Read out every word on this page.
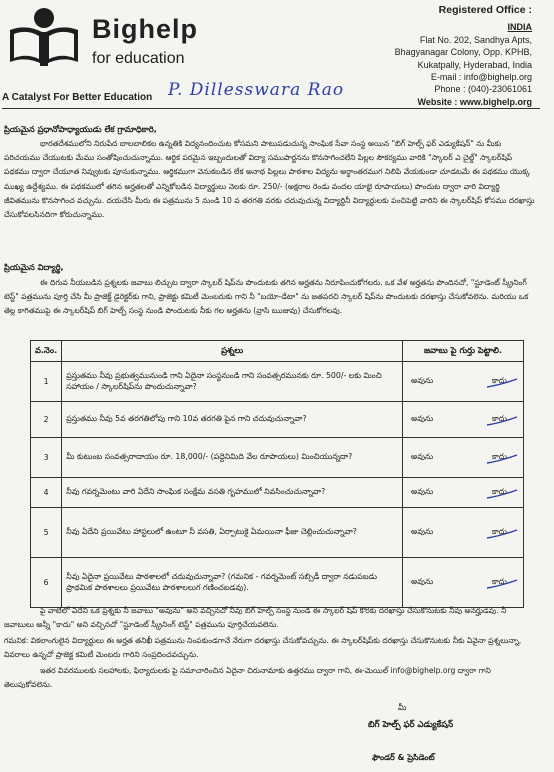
Bighelp
for education
A Catalyst For Better Education P. Dillesswara Rao
Registered Office :
INDIA
Flat No. 202, Sandhya Apts,
Bhagyanagar Colony, Opp. KPHB,
Kukatpally, Hyderabad, India
E-mail : info@bighelp.org
Phone : (040)-23061061
Website : www.bighelp.org
ప్రియమైన ప్రధానోపాధ్యాయుడు లేక గ్రామాధికారి,
భారతదేశములోని నిరుపేద బాలబాలికల ఉన్నతికి విద్యనందించుట కోసమని పాటుపడుచున్న సాంఘిక సేవా సంస్థ అయిన "బిగ్ హెల్ప్ ఫర్ ఎడ్యుకేషన్" ను మీకు పరిచయము చేయుటకు మేము సంతోషించుచున్నాము. ఆర్థిక పరమైన ఇబ్బందులతో విద్యా సముపార్జనను కొనసాగించలేని పిల్లల సౌకర్యము వారికి "స్కాలర్ ఎ చైల్డ్" స్కాలర్‌షిప్ పథకము ద్వారా చేయూత నివ్వుటకు పూనుకున్నాము. ఆర్థికముగా వెనుకబడిన లేక అనాథ పిల్లలు పాఠశాల విద్యను అర్థాంతరముగ నిలిపి వేయకుండా చూడటమే ఈ పథకము యొక్క ముఖ్య ఉద్దేశ్యము. ఈ పథకములో తగిన అర్హతలతో ఎన్నికోబడిన విద్యార్థులు నెలకు రూ. 250/- (అక్షరాల రెండు వందల యాభై రూపాయలు) పొందుట ద్వారా వారి విద్యార్థి జీవితమును కొనసాగించ వచ్చును. దయచేసి మీరు ఈ పత్రమును 5 నుండి 10 వ తరగతి వరకు చదువుచున్న విద్యార్థినీ విద్యార్థులకు పంచిపెట్టి వారిని ఈ స్కాలర్‌షిప్ కోసము దరఖాస్తు చేసుకోవలసినదిగా కోరుచున్నాము.
ప్రియమైన విద్యార్థి,
ఈ దిగువ నీయబడిన ప్రశ్నలకు జవాబు లిచ్చుట ద్వారా స్కాలర్ షిప్‌ను పొందుటకు తగిన అర్హతను నిరూపించుకోగలరు. ఒక వేళ అర్హతను పొందినచో, "స్టూడెంట్ స్క్రీనింగ్ టెస్ట్" పత్రమును పూర్తి చేసి మీ ప్రాజెక్ట్ డైరెక్టర్‌కు గాని, ప్రాజెక్టు కమిటీ మెంబరుకు గాని నీ "బయో-డేటా" ను జతపరచి స్కాలర్ షిప్‌ను పొందుటకు దరఖాస్తు చేసుకోవలెను. మరియు ఒక తెల్ల కాగితముపై ఈ స్కాలర్‌షిప్ బిగ్ హెల్ప్ సంస్థ నుండి పొందుటకు నీకు గల అర్హతను (వ్రాసి ఋజువు) చేసుకోగలవు.
వ.నెం.	ప్రశ్నలు	జవాబు పై గుర్తు పెట్టాలి.
1	ప్రస్తుతము నీవు ప్రభుత్వమునుండి గాని ఏదైనా సంస్థనుండి గాని సంవత్సరమునకు రూ. 500/- లకు మించి సహాయం / స్కాలర్‌షిప్‌ను పొందుచున్నావా?	అవును కాదు

2	ప్రస్తుతము నీవు 5వ తరగతిలోపు గాని 10వ తరగతి పైన గాని చదువుచున్నావా?	అవును కాదు

3	మీ కుటుంబ సంవత్సరాదాయం రూ. 18,000/- (పద్దెనిమిది వేల రూపాయలు) మించియున్నదా?	అవును కాదు

4	నీవు గవర్నమెంటు వారి ఏదేని సాంఘిక సంక్షేమ వసతి గృహములో నివసించుచున్నావా?	అవును కాదు

5	నీవు ఏదేని ప్రయివేటు హాస్టలులో ఉంటూ నీ వసతి, ఏర్పాటుకై ఏమయినా ఫీజు చెల్లించుచున్నావా?	అవును కాదు

6	నీవు ఏదైనా ప్రయివేటు పాఠశాలలో చదువుచున్నావా? (గమనిక - గవర్నమెంట్ సబ్సిడీ ద్వారా నడుపబడు ప్రాథమిక పాఠశాలలు ప్రయివేటు పాఠశాలలుగ గణించబడవు).	అవును కాదు
పై వాటిలో ఏదేని ఒక ప్రశ్నకు నీ జవాబు "అవును" అని వచ్చినచో నీవు బిగ్ హెల్ప్ సంస్థ నుండి ఈ స్కాలర్ షిప్ కొరకు దరఖాస్తు చేసుకొనుటకు నీవు అనర్హుడవు. నీ జవాబులు అన్నీ "కాదు" అని వచ్చినచో "స్టూడెంట్ స్క్రీనింగ్ టెస్ట్" పత్రమును పూర్తిచేయవలెను.
గమనిక: వికలాంగులైన విద్యార్థులు ఈ అర్హత తనిఖీ పత్రమును నింపకుండగానే నేరుగా దరఖాస్తు చేసుకోవచ్చును. ఈ స్కాలర్‌షిప్‌కు దరఖాస్తు చేసుకొనుటకు నీకు ఏవైనా ప్రశ్నలున్నా, వివరాలు ఉన్నచో ప్రాజెక్ట కమిటీ మెంబరు గారిని సంప్రదించవచ్చును.
ఇతర వివరములకు సలహాలకు, ఫిర్యాదులకు పై సమాచారించిన ఏదైనా చిరునామాకు ఉత్తరము ద్వారా గాని, ఈ-మెయిల్ info@bighelp.org ద్వారా గాని తెలుపుకోవలెను.
మీ
బిగ్ హెల్ప్ ఫర్ ఎడ్యుకేషన్
ఫౌండర్ & ప్రెసిడెంట్
